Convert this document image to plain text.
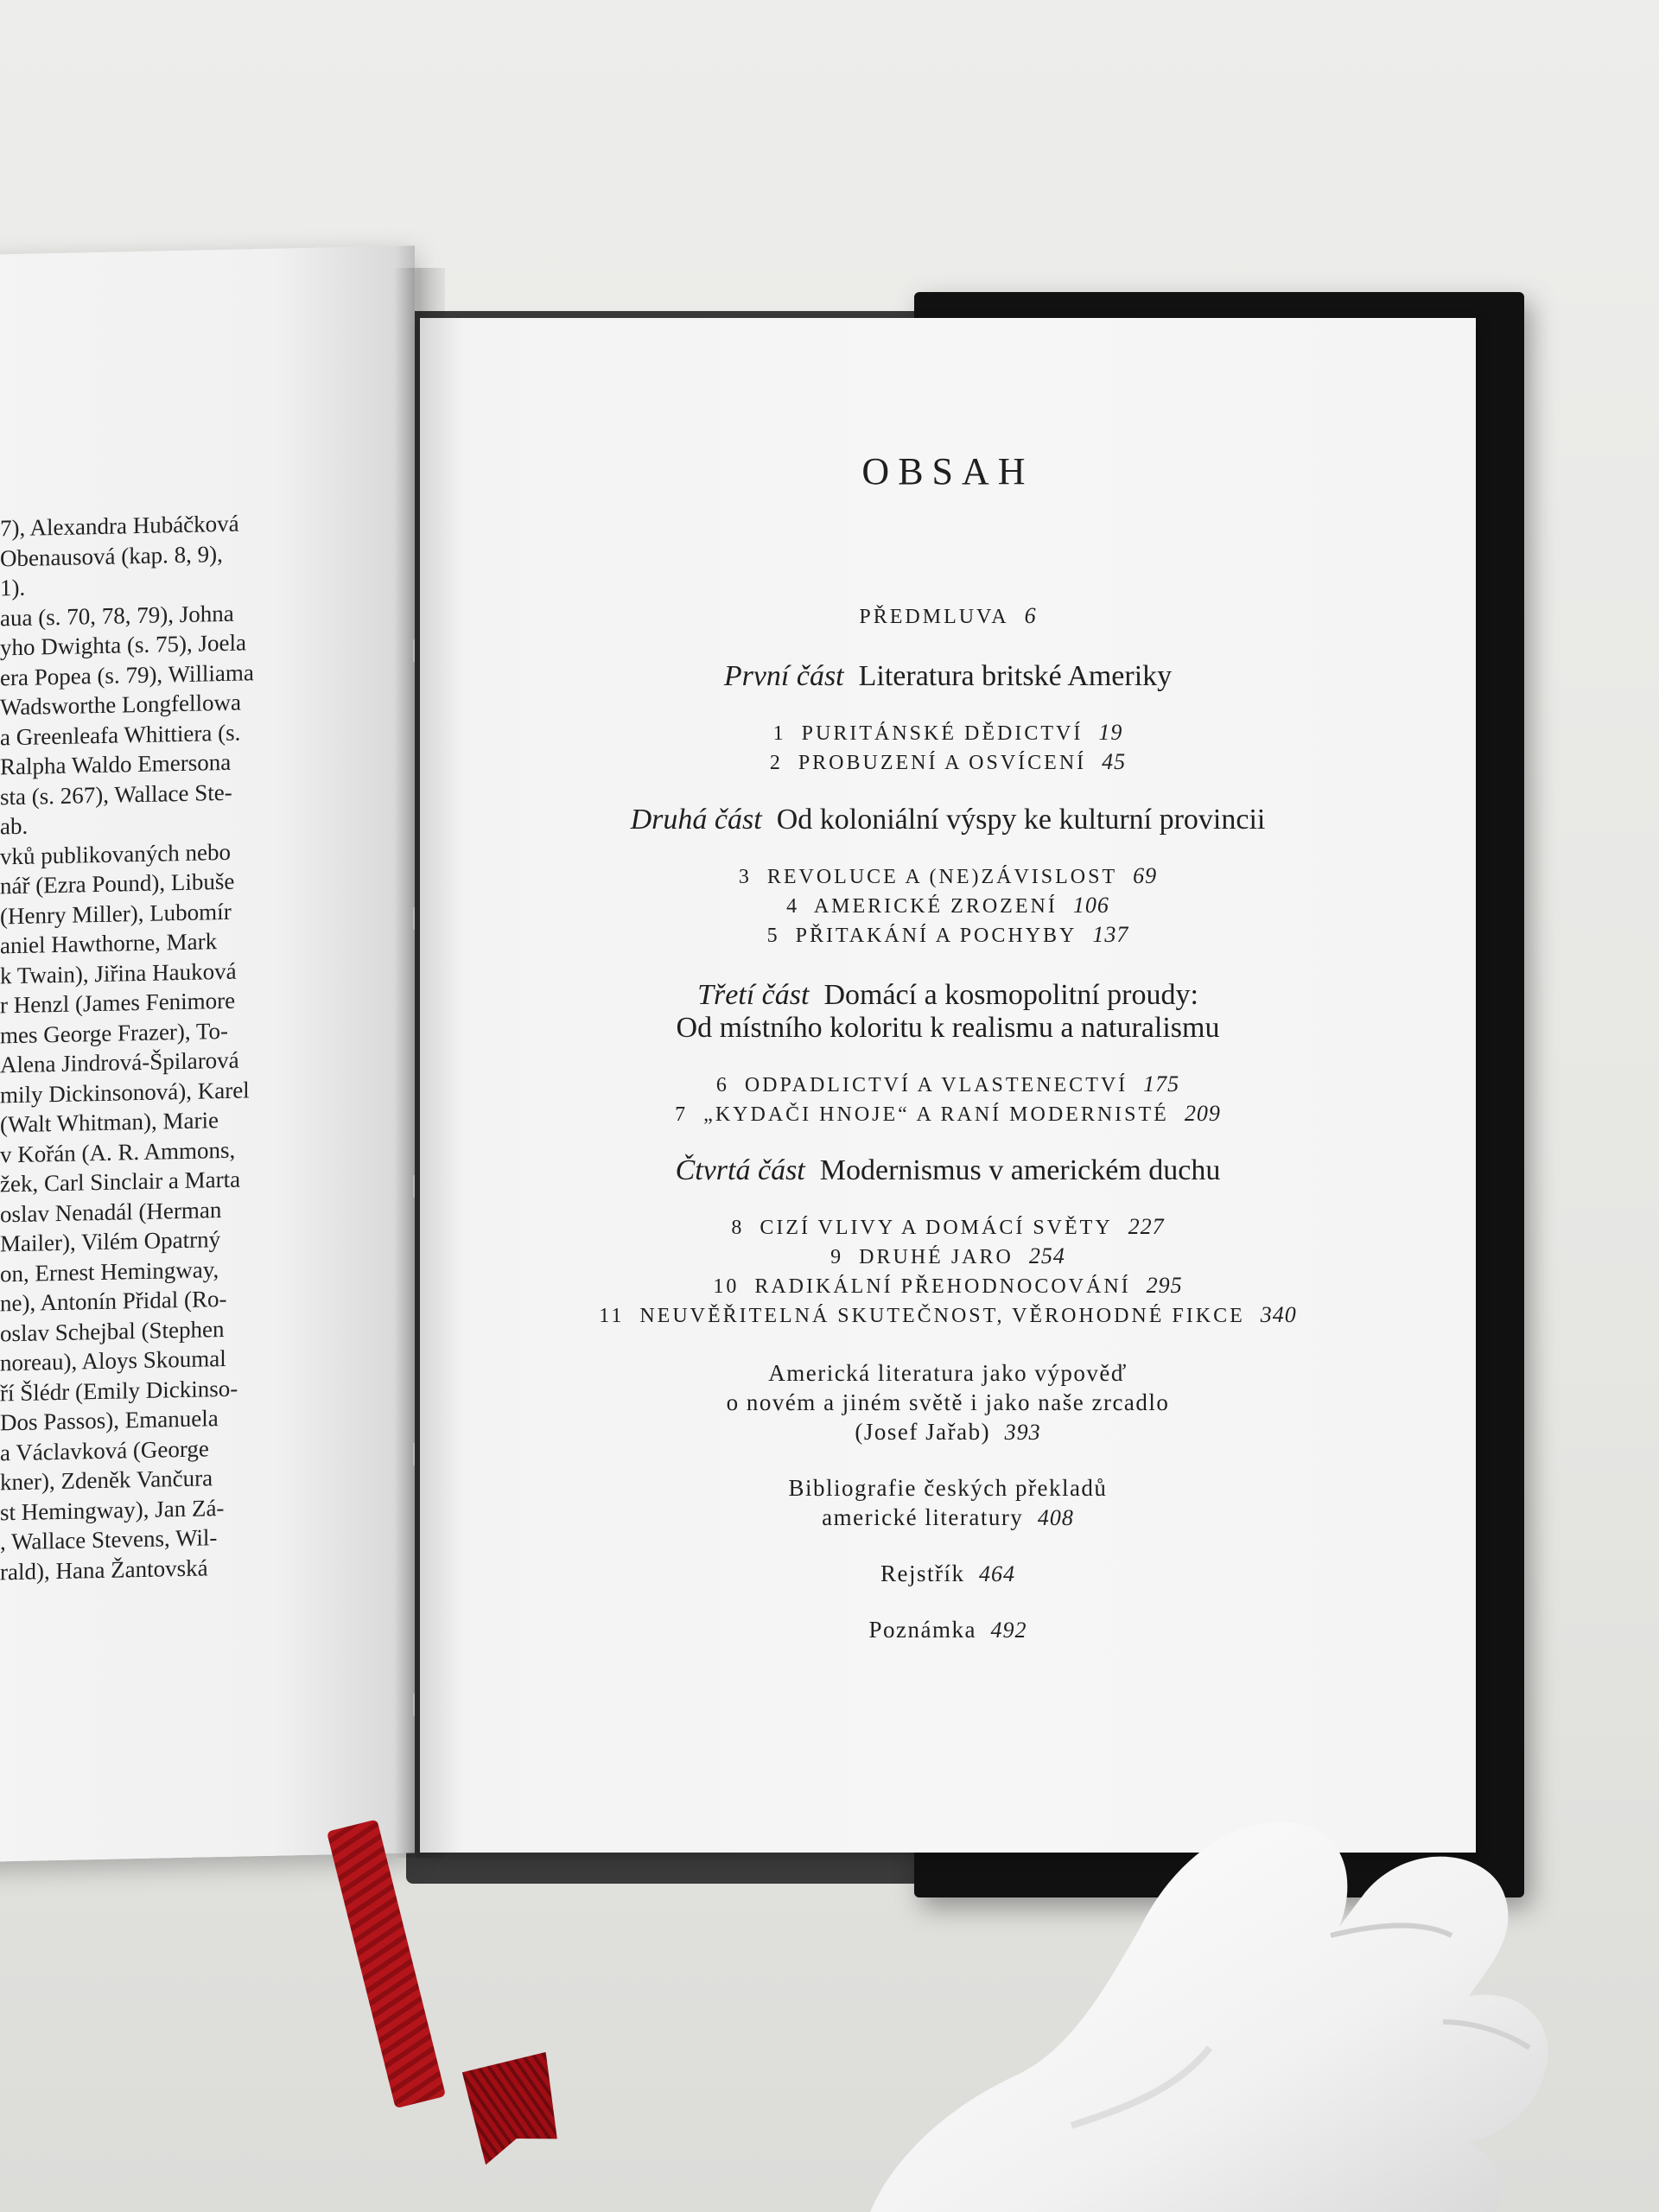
7), Alexandra Hubáčková
Obenausová (kap. 8, 9),
1).
aua (s. 70, 78, 79), Johna
yho Dwighta (s. 75), Joela
era Popea (s. 79), Williama
Wadsworthe Longfellowa
a Greenleafa Whittiera (s.
Ralpha Waldo Emersona
sta (s. 267), Wallace Ste-
ab.
vků publikovaných nebo
nář (Ezra Pound), Libuše
(Henry Miller), Lubomír
aniel Hawthorne, Mark
k Twain), Jiřina Hauková
r Henzl (James Fenimore
mes George Frazer), To-
Alena Jindrová-Špilarová
mily Dickinsonová), Karel
(Walt Whitman), Marie
v Kořán (A. R. Ammons,
žek, Carl Sinclair a Marta
oslav Nenadál (Herman
Mailer), Vilém Opatrný
on, Ernest Hemingway,
ne), Antonín Přidal (Ro-
oslav Schejbal (Stephen
noreau), Aloys Skoumal
ří Šlédr (Emily Dickinso-
Dos Passos), Emanuela
a Václavková (George
kner), Zdeněk Vančura
st Hemingway), Jan Zá-
, Wallace Stevens, Wil-
rald), Hana Žantovská
OBSAH
PŘEDMLUVA 6
První část Literatura britské Ameriky
1 PURITÁNSKÉ DĚDICTVÍ 19
2 PROBUZENÍ A OSVÍCENÍ 45
Druhá část Od koloniální výspy ke kulturní provincii
3 REVOLUCE A (NE)ZÁVISLOST 69
4 AMERICKÉ ZROZENÍ 106
5 PŘITAKÁNÍ A POCHYBY 137
Třetí část Domácí a kosmopolitní proudy:
Od místního koloritu k realismu a naturalismu
6 ODPADLICTVÍ A VLASTENECTVÍ 175
7 „KYDAČI HNOJE“ A RANÍ MODERNISTÉ 209
Čtvrtá část Modernismus v americkém duchu
8 CIZÍ VLIVY A DOMÁCÍ SVĚTY 227
9 DRUHÉ JARO 254
10 RADIKÁLNÍ PŘEHODNOCOVÁNÍ 295
11 NEUVĚŘITELNÁ SKUTEČNOST, VĚROHODNÉ FIKCE 340
Americká literatura jako výpověď
o novém a jiném světě i jako naše zrcadlo
(Josef Jařab) 393
Bibliografie českých překladů
americké literatury 408
Rejstřík 464
Poznámka 492
